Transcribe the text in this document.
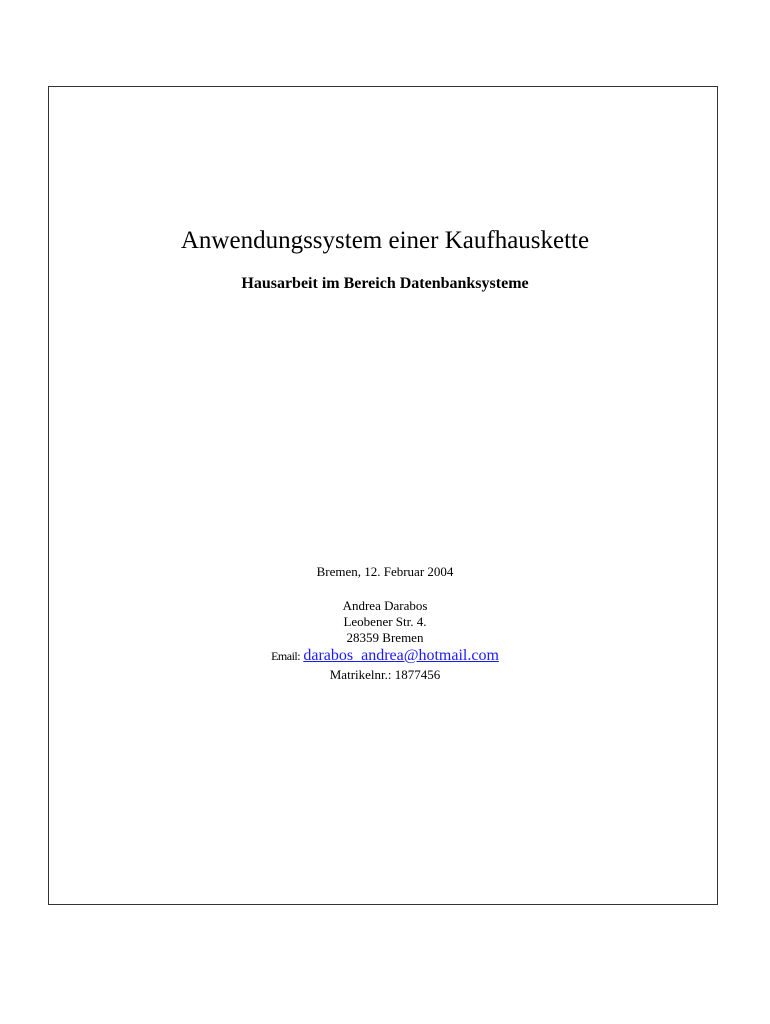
Anwendungssystem einer Kaufhauskette
Hausarbeit im Bereich Datenbanksysteme

Bremen, 12. Februar 2004

Andrea Darabos

Leobener Str. 4.

28359 Bremen

Email: darabos_andrea@hotmail.com

Matrikelnr.: 1877456
